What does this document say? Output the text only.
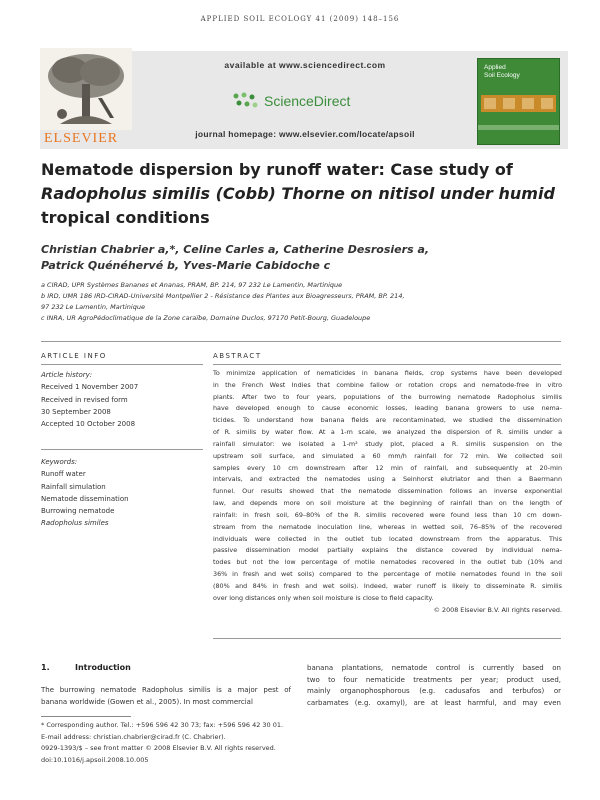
APPLIED SOIL ECOLOGY 41 (2009) 148–156
ELSEVIER
available at www.sciencedirect.com
ScienceDirect
journal homepage: www.elsevier.com/locate/apsoil
Applied
Soil Ecology
Nematode dispersion by runoff water: Case study of
Radopholus similis (Cobb) Thorne on nitisol under humid
tropical conditions
Christian Chabrier a,*, Celine Carles a, Catherine Desrosiers a,
Patrick Quénéhervé b, Yves-Marie Cabidoche c
a CIRAD, UPR Systèmes Bananes et Ananas, PRAM, BP. 214, 97 232 Le Lamentin, Martinique
b IRD, UMR 186 IRD-CIRAD-Université Montpellier 2 - Résistance des Plantes aux Bioagresseurs, PRAM, BP. 214,
97 232 Le Lamentin, Martinique
c INRA, UR AgroPédoclimatique de la Zone caraïbe, Domaine Duclos, 97170 Petit-Bourg, Guadeloupe
ARTICLE INFO	ABSTRACT
Article history:
Received 1 November 2007
Received in revised form
30 September 2008
Accepted 10 October 2008
Keywords:
Runoff water
Rainfall simulation
Nematode dissemination
Burrowing nematode
Radopholus similes
To minimize application of nematicides in banana fields, crop systems have been developed
in the French West Indies that combine fallow or rotation crops and nematode-free in vitro
plants. After two to four years, populations of the burrowing nematode Radopholus similis
have developed enough to cause economic losses, leading banana growers to use nema-
ticides. To understand how banana fields are recontaminated, we studied the dissemination
of R. similis by water flow. At a 1-m scale, we analyzed the dispersion of R. similis under a
rainfall simulator: we isolated a 1-m² study plot, placed a R. similis suspension on the
upstream soil surface, and simulated a 60 mm/h rainfall for 72 min. We collected soil
samples every 10 cm downstream after 12 min of rainfall, and subsequently at 20-min
intervals, and extracted the nematodes using a Seinhorst elutriator and then a Baermann
funnel. Our results showed that the nematode dissemination follows an inverse exponential
law, and depends more on soil moisture at the beginning of rainfall than on the length of
rainfall: in fresh soil, 69–80% of the R. similis recovered were found less than 10 cm down-
stream from the nematode inoculation line, whereas in wetted soil, 76–85% of the recovered
individuals were collected in the outlet tub located downstream from the apparatus. This
passive dissemination model partially explains the distance covered by individual nema-
todes but not the low percentage of motile nematodes recovered in the outlet tub (10% and
36% in fresh and wet soils) compared to the percentage of motile nematodes found in the soil
(80% and 84% in fresh and wet soils). Indeed, water runoff is likely to disseminate R. similis
over long distances only when soil moisture is close to field capacity.
© 2008 Elsevier B.V. All rights reserved.
1.	Introduction
The burrowing nematode Radopholus similis is a major pest of
banana worldwide (Gowen et al., 2005). In most commercial
banana plantations, nematode control is currently based on
two to four nematicide treatments per year; product used,
mainly organophosphorous (e.g. cadusafos and terbufos) or
carbamates (e.g. oxamyl), are at least harmful, and may even
* Corresponding author. Tel.: +596 596 42 30 73; fax: +596 596 42 30 01.
E-mail address: christian.chabrier@cirad.fr (C. Chabrier).
0929-1393/$ – see front matter © 2008 Elsevier B.V. All rights reserved.
doi:10.1016/j.apsoil.2008.10.005
